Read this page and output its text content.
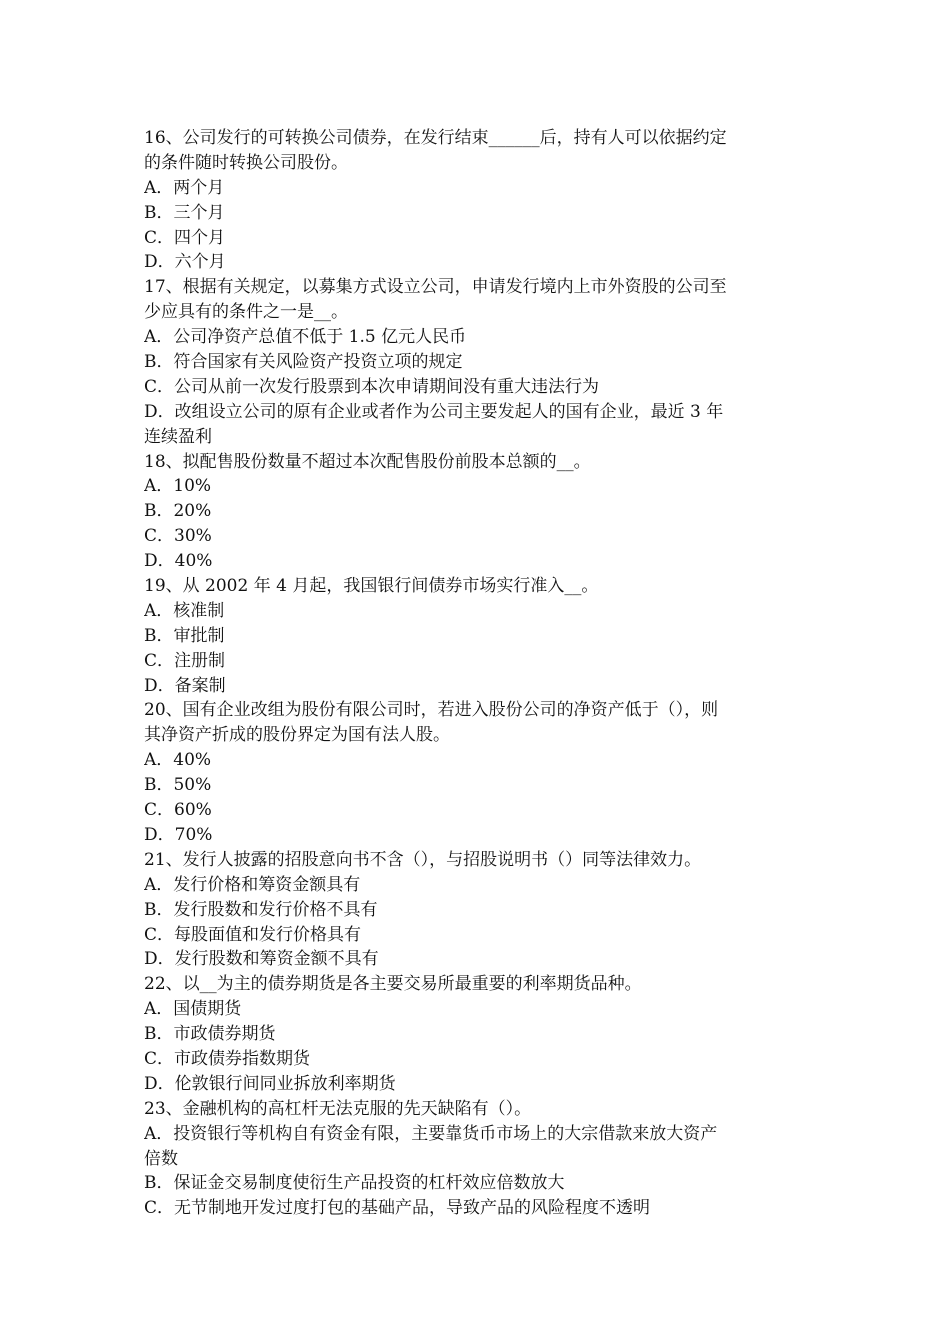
16、公司发行的可转换公司债券，在发行结束______后，持有人可以依据约定
的条件随时转换公司股份。
A．两个月
B．三个月
C．四个月
D．六个月
17、根据有关规定，以募集方式设立公司，申请发行境内上市外资股的公司至
少应具有的条件之一是__。
A．公司净资产总值不低于 1.5 亿元人民币
B．符合国家有关风险资产投资立项的规定
C．公司从前一次发行股票到本次申请期间没有重大违法行为
D．改组设立公司的原有企业或者作为公司主要发起人的国有企业，最近 3 年
连续盈利
18、拟配售股份数量不超过本次配售股份前股本总额的__。
A．10%
B．20%
C．30%
D．40%
19、从 2002 年 4 月起，我国银行间债券市场实行准入__。
A．核准制
B．审批制
C．注册制
D．备案制
20、国有企业改组为股份有限公司时，若进入股份公司的净资产低于（），则
其净资产折成的股份界定为国有法人股。
A．40%
B．50%
C．60%
D．70%
21、发行人披露的招股意向书不含（），与招股说明书（）同等法律效力。
A．发行价格和筹资金额具有
B．发行股数和发行价格不具有
C．每股面值和发行价格具有
D．发行股数和筹资金额不具有
22、以__为主的债券期货是各主要交易所最重要的利率期货品种。
A．国债期货
B．市政债券期货
C．市政债券指数期货
D．伦敦银行间同业拆放利率期货
23、金融机构的高杠杆无法克服的先天缺陷有（）。
A．投资银行等机构自有资金有限，主要靠货币市场上的大宗借款来放大资产
倍数
B．保证金交易制度使衍生产品投资的杠杆效应倍数放大
C．无节制地开发过度打包的基础产品，导致产品的风险程度不透明
